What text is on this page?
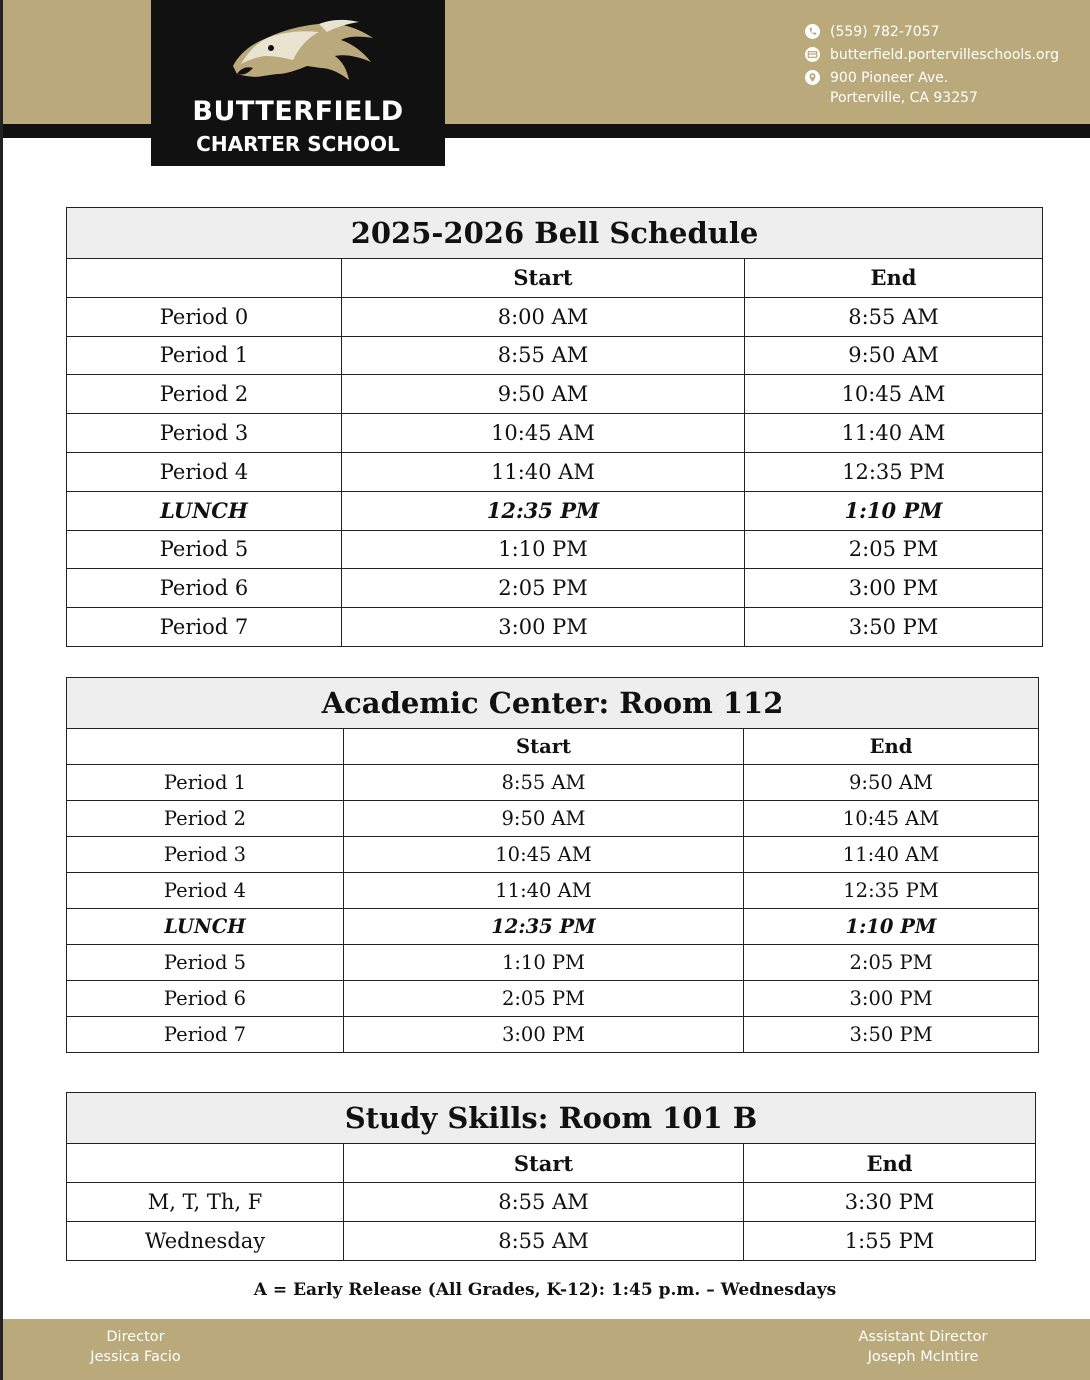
BUTTERFIELD
CHARTER SCHOOL
(559) 782-7057
butterfield.portervilleschools.org
900 Pioneer Ave.
Porterville, CA 93257
2025-2026 Bell Schedule		
	Start	End
Period 0	8:00 AM	8:55 AM
Period 1	8:55 AM	9:50 AM
Period 2	9:50 AM	10:45 AM
Period 3	10:45 AM	11:40 AM
Period 4	11:40 AM	12:35 PM
LUNCH	12:35 PM	1:10 PM
Period 5	1:10 PM	2:05 PM
Period 6	2:05 PM	3:00 PM
Period 7	3:00 PM	3:50 PM
Academic Center: Room 112		
	Start	End
Period 1	8:55 AM	9:50 AM
Period 2	9:50 AM	10:45 AM
Period 3	10:45 AM	11:40 AM
Period 4	11:40 AM	12:35 PM
LUNCH	12:35 PM	1:10 PM
Period 5	1:10 PM	2:05 PM
Period 6	2:05 PM	3:00 PM
Period 7	3:00 PM	3:50 PM
Study Skills: Room 101 B		
	Start	End
M, T, Th, F	8:55 AM	3:30 PM
Wednesday	8:55 AM	1:55 PM
A = Early Release (All Grades, K-12): 1:45 p.m. – Wednesdays
Director
Jessica Facio
Assistant Director
Joseph McIntire
